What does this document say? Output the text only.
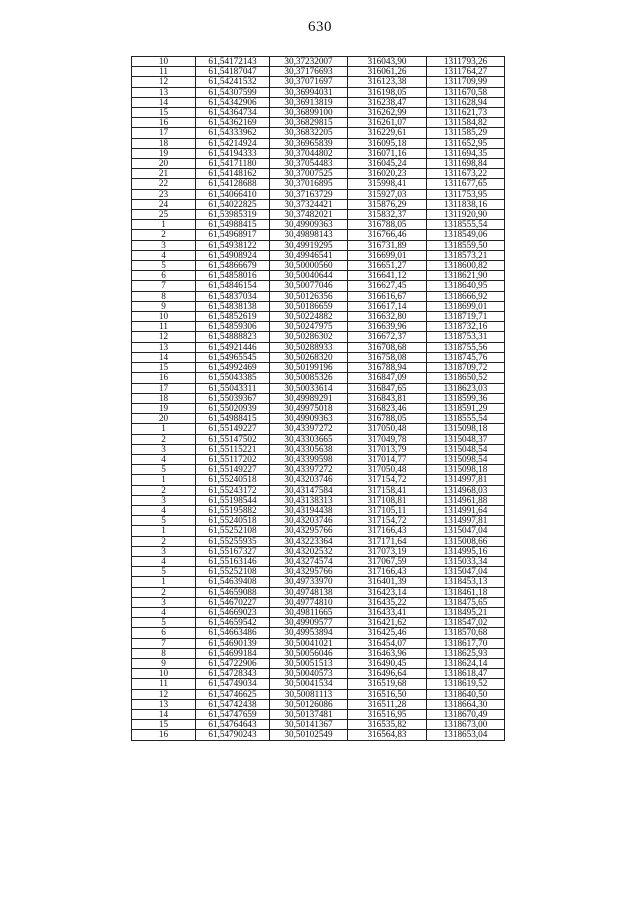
630
10	61,54172143	30,37232007	316043,90	1311793,26
11	61,54187047	30,37176693	316061,26	1311764,27
12	61,54241532	30,37071697	316123,38	1311709,99
13	61,54307599	30,36994031	316198,05	1311670,58
14	61,54342906	30,36913819	316238,47	1311628,94
15	61,54364734	30,36899100	316262,99	1311621,73
16	61,54362169	30,36829815	316261,07	1311584,82
17	61,54333962	30,36832205	316229,61	1311585,29
18	61,54214924	30,36965839	316095,18	1311652,95
19	61,54194333	30,37044802	316071,16	1311694,35
20	61,54171180	30,37054483	316045,24	1311698,84
21	61,54148162	30,37007525	316020,23	1311673,22
22	61,54128688	30,37016895	315998,41	1311677,65
23	61,54066410	30,37163729	315927,03	1311753,95
24	61,54022825	30,37324421	315876,29	1311838,16
25	61,53985319	30,37482021	315832,37	1311920,90
1	61,54988415	30,49909363	316788,05	1318555,54
2	61,54968917	30,49898143	316766,46	1318549,06
3	61,54938122	30,49919295	316731,89	1318559,50
4	61,54908924	30,49946541	316699,01	1318573,21
5	61,54866679	30,50000560	316651,27	1318600,82
6	61,54858016	30,50040644	316641,12	1318621,90
7	61,54846154	30,50077046	316627,45	1318640,95
8	61,54837034	30,50126356	316616,67	1318666,92
9	61,54838138	30,50186659	316617,14	1318699,01
10	61,54852619	30,50224882	316632,80	1318719,71
11	61,54859306	30,50247975	316639,96	1318732,16
12	61,54888823	30,50286302	316672,37	1318753,31
13	61,54921446	30,50288933	316708,68	1318755,56
14	61,54965545	30,50268320	316758,08	1318745,76
15	61,54992469	30,50199196	316788,94	1318709,72
16	61,55043385	30,50085326	316847,09	1318650,52
17	61,55043311	30,50033614	316847,65	1318623,03
18	61,55039367	30,49989291	316843,81	1318599,36
19	61,55020939	30,49975018	316823,46	1318591,29
20	61,54988415	30,49909363	316788,05	1318555,54
1	61,55149227	30,43397272	317050,48	1315098,18
2	61,55147502	30,43303665	317049,78	1315048,37
3	61,55115221	30,43305638	317013,79	1315048,54
4	61,55117202	30,43399598	317014,77	1315098,54
5	61,55149227	30,43397272	317050,48	1315098,18
1	61,55240518	30,43203746	317154,72	1314997,81
2	61,55243172	30,43147584	317158,41	1314968,03
3	61,55198544	30,43138313	317108,81	1314961,88
4	61,55195882	30,43194438	317105,11	1314991,64
5	61,55240518	30,43203746	317154,72	1314997,81
1	61,55252108	30,43295766	317166,43	1315047,04
2	61,55255935	30,43223364	317171,64	1315008,66
3	61,55167327	30,43202532	317073,19	1314995,16
4	61,55163146	30,43274574	317067,59	1315033,34
5	61,55252108	30,43295766	317166,43	1315047,04
1	61,54639408	30,49733970	316401,39	1318453,13
2	61,54659088	30,49748138	316423,14	1318461,18
3	61,54670227	30,49774810	316435,22	1318475,65
4	61,54669023	30,49811665	316433,41	1318495,21
5	61,54659542	30,49909577	316421,62	1318547,02
6	61,54663486	30,49953894	316425,46	1318570,68
7	61,54690139	30,50041021	316454,07	1318617,70
8	61,54699184	30,50056046	316463,96	1318625,93
9	61,54722906	30,50051513	316490,45	1318624,14
10	61,54728343	30,50040573	316496,64	1318618,47
11	61,54749034	30,50041534	316519,68	1318619,52
12	61,54746625	30,50081113	316516,50	1318640,50
13	61,54742438	30,50126086	316511,28	1318664,30
14	61,54747659	30,50137481	316516,95	1318670,49
15	61,54764643	30,50141367	316535,82	1318673,00
16	61,54790243	30,50102549	316564,83	1318653,04
